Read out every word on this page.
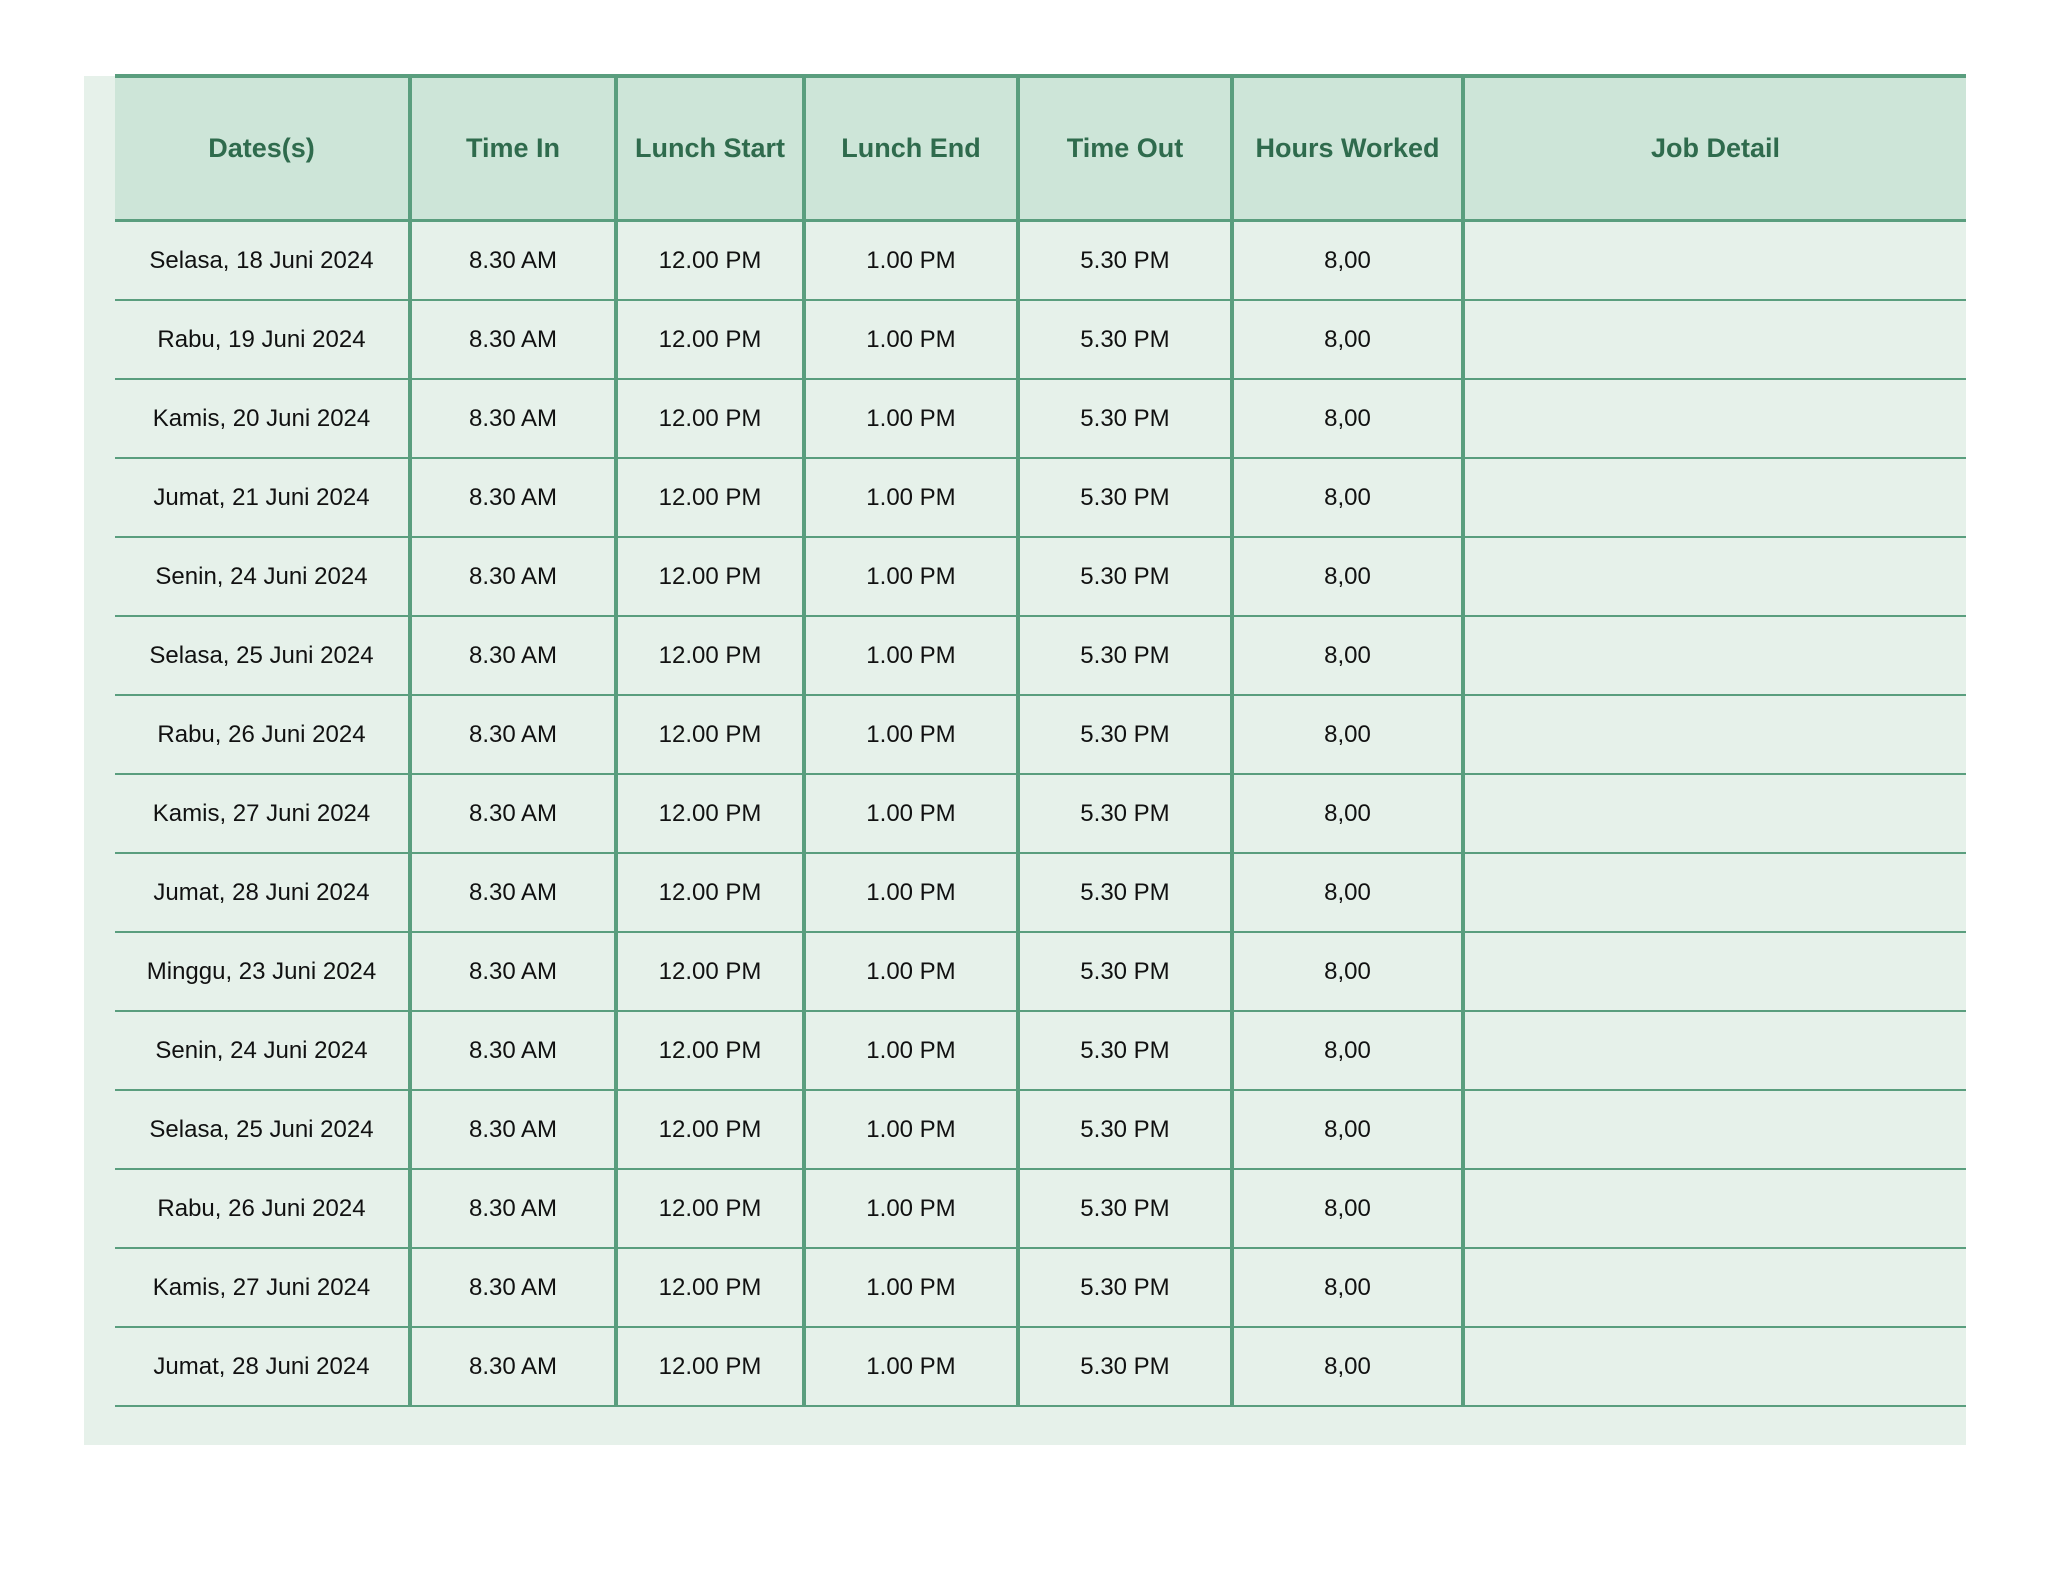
Dates(s)	Time In	Lunch Start	Lunch End	Time Out	Hours Worked	Job Detail
Selasa, 18 Juni 2024	8.30 AM	12.00 PM	1.00 PM	5.30 PM	8,00	
Rabu, 19 Juni 2024	8.30 AM	12.00 PM	1.00 PM	5.30 PM	8,00	
Kamis, 20 Juni 2024	8.30 AM	12.00 PM	1.00 PM	5.30 PM	8,00	
Jumat, 21 Juni 2024	8.30 AM	12.00 PM	1.00 PM	5.30 PM	8,00	
Senin, 24 Juni 2024	8.30 AM	12.00 PM	1.00 PM	5.30 PM	8,00	
Selasa, 25 Juni 2024	8.30 AM	12.00 PM	1.00 PM	5.30 PM	8,00	
Rabu, 26 Juni 2024	8.30 AM	12.00 PM	1.00 PM	5.30 PM	8,00	
Kamis, 27 Juni 2024	8.30 AM	12.00 PM	1.00 PM	5.30 PM	8,00	
Jumat, 28 Juni 2024	8.30 AM	12.00 PM	1.00 PM	5.30 PM	8,00	
Minggu, 23 Juni 2024	8.30 AM	12.00 PM	1.00 PM	5.30 PM	8,00	
Senin, 24 Juni 2024	8.30 AM	12.00 PM	1.00 PM	5.30 PM	8,00	
Selasa, 25 Juni 2024	8.30 AM	12.00 PM	1.00 PM	5.30 PM	8,00	
Rabu, 26 Juni 2024	8.30 AM	12.00 PM	1.00 PM	5.30 PM	8,00	
Kamis, 27 Juni 2024	8.30 AM	12.00 PM	1.00 PM	5.30 PM	8,00	
Jumat, 28 Juni 2024	8.30 AM	12.00 PM	1.00 PM	5.30 PM	8,00	
